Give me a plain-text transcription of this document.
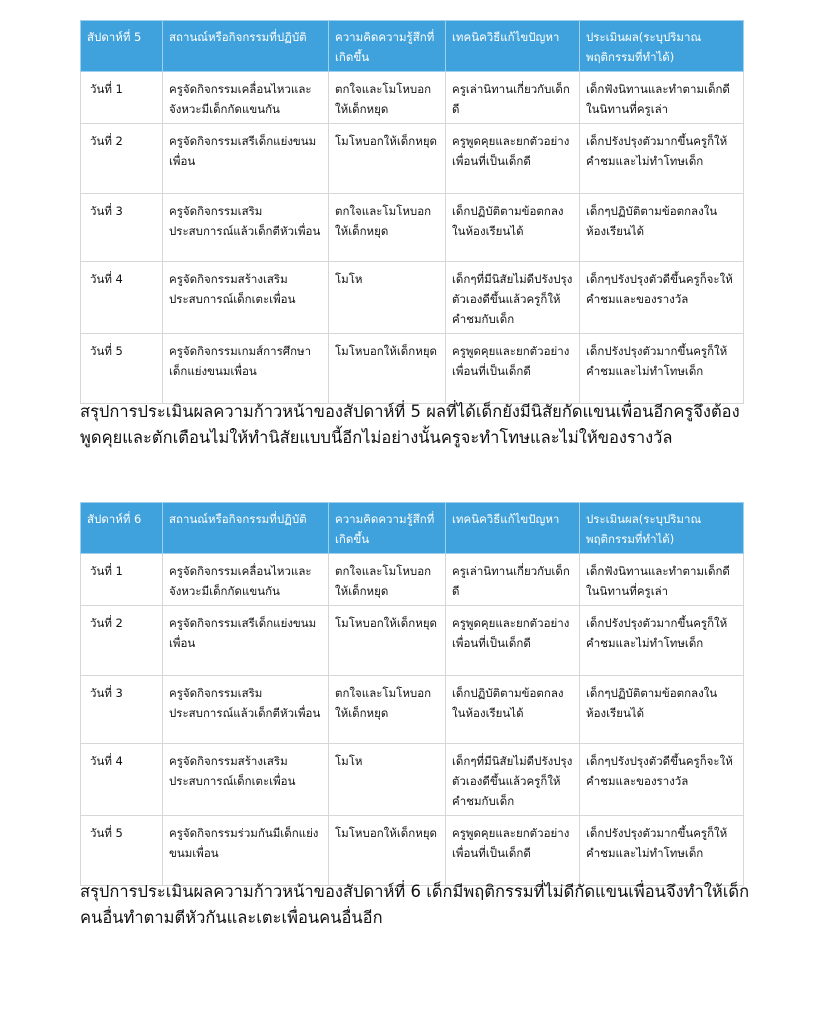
สัปดาห์ที่ 5	สถานณ์หรือกิจกรรมที่ปฏิบัติ	ความคิดความรู้สึกที่เกิดขึ้น	เทคนิควิธีแก้ไขปัญหา	ประเมินผล(ระบุปริมาณพฤติกรรมที่ทำได้)
วันที่ 1	ครูจัดกิจกรรมเคลื่อนไหวและจังหวะมีเด็กกัดแขนกัน	ตกใจและโมโหบอกให้เด็กหยุด	ครูเล่านิทานเกี่ยวกับเด็กดี	เด็กฟังนิทานและทำตามเด็กดีในนิทานที่ครูเล่า
วันที่ 2	ครูจัดกิจกรรมเสรีเด็กแย่งขนมเพื่อน	โมโหบอกให้เด็กหยุด	ครูพูดคุยและยกตัวอย่างเพื่อนที่เป็นเด็กดี	เด็กปรังปรุงตัวมากขึ้นครูก็ให้คำชมและไม่ทำโทษเด็ก
วันที่ 3	ครูจัดกิจกรรมเสริมประสบการณ์แล้วเด็กตีหัวเพื่อน	ตกใจและโมโหบอกให้เด็กหยุด	เด็กปฏิบัติตามข้อตกลงในห้องเรียนได้	เด็กๆปฏิบัติตามข้อตกลงในห้องเรียนได้
วันที่ 4	ครูจัดกิจกรรมสร้างเสริมประสบการณ์เด็กเตะเพื่อน	โมโห	เด็กๆที่มีนิสัยไม่ดีปรังปรุงตัวเองดีขึ้นแล้วครูก็ให้คำชมกับเด็ก	เด็กๆปรังปรุงตัวดีขึ้นครูก็จะให้คำชมและของรางวัล
วันที่ 5	ครูจัดกิจกรรมเกมส์การศึกษาเด็กแย่งขนมเพื่อน	โมโหบอกให้เด็กหยุด	ครูพูดคุยและยกตัวอย่างเพื่อนที่เป็นเด็กดี	เด็กปรังปรุงตัวมากขึ้นครูก็ให้คำชมและไม่ทำโทษเด็ก

สรุปการประเมินผลความก้าวหน้าของสัปดาห์ที่ 5 ผลที่ได้เด็กยังมีนิสัยกัดแขนเพื่อนอีกครูจึงต้องพูดคุยและตักเตือนไม่ให้ทำนิสัยแบบนี้อีกไม่อย่างนั้นครูจะทำโทษและไม่ให้ของรางวัล

สัปดาห์ที่ 6	สถานณ์หรือกิจกรรมที่ปฏิบัติ	ความคิดความรู้สึกที่เกิดขึ้น	เทคนิควิธีแก้ไขปัญหา	ประเมินผล(ระบุปริมาณพฤติกรรมที่ทำได้)
วันที่ 1	ครูจัดกิจกรรมเคลื่อนไหวและจังหวะมีเด็กกัดแขนกัน	ตกใจและโมโหบอกให้เด็กหยุด	ครูเล่านิทานเกี่ยวกับเด็กดี	เด็กฟังนิทานและทำตามเด็กดีในนิทานที่ครูเล่า
วันที่ 2	ครูจัดกิจกรรมเสรีเด็กแย่งขนมเพื่อน	โมโหบอกให้เด็กหยุด	ครูพูดคุยและยกตัวอย่างเพื่อนที่เป็นเด็กดี	เด็กปรังปรุงตัวมากขึ้นครูก็ให้คำชมและไม่ทำโทษเด็ก
วันที่ 3	ครูจัดกิจกรรมเสริมประสบการณ์แล้วเด็กตีหัวเพื่อน	ตกใจและโมโหบอกให้เด็กหยุด	เด็กปฏิบัติตามข้อตกลงในห้องเรียนได้	เด็กๆปฏิบัติตามข้อตกลงในห้องเรียนได้
วันที่ 4	ครูจัดกิจกรรมสร้างเสริมประสบการณ์เด็กเตะเพื่อน	โมโห	เด็กๆที่มีนิสัยไม่ดีปรังปรุงตัวเองดีขึ้นแล้วครูก็ให้คำชมกับเด็ก	เด็กๆปรังปรุงตัวดีขึ้นครูก็จะให้คำชมและของรางวัล
วันที่ 5	ครูจัดกิจกรรมร่วมกันมีเด็กแย่งขนมเพื่อน	โมโหบอกให้เด็กหยุด	ครูพูดคุยและยกตัวอย่างเพื่อนที่เป็นเด็กดี	เด็กปรังปรุงตัวมากขึ้นครูก็ให้คำชมและไม่ทำโทษเด็ก

สรุปการประเมินผลความก้าวหน้าของสัปดาห์ที่ 6 เด็กมีพฤติกรรมที่ไม่ดีกัดแขนเพื่อนจึงทำให้เด็กคนอื่นทำตามตีหัวกันและเตะเพื่อนคนอื่นอีก
